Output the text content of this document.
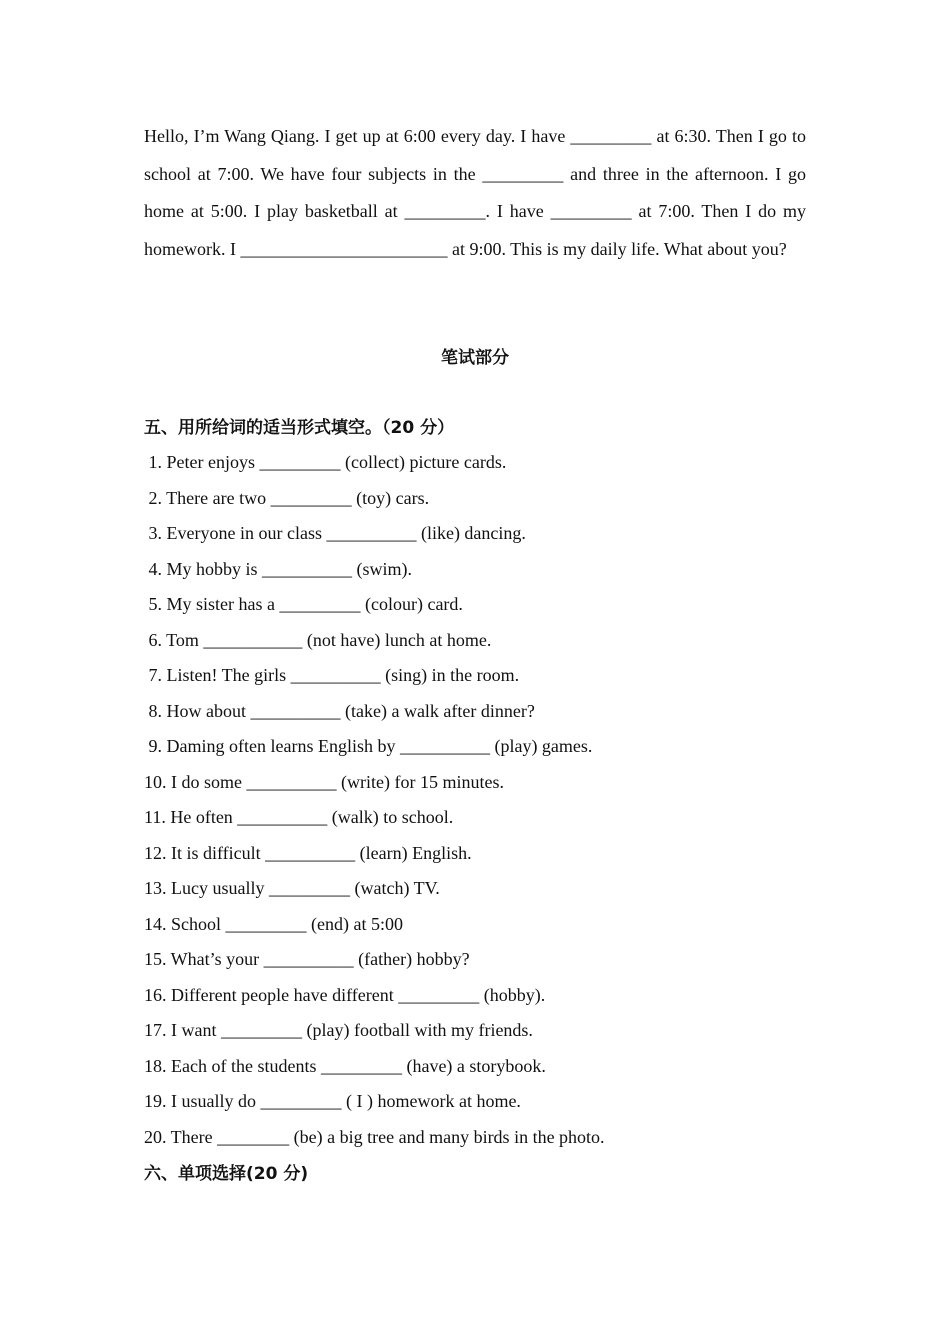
Hello, I’m Wang Qiang. I get up at 6:00 every day. I have _________ at 6:30. Then I go to school at 7:00. We have four subjects in the _________ and three in the afternoon. I go home at 5:00. I play basketball at _________. I have _________ at 7:00. Then I do my homework. I _______________________ at 9:00. This is my daily life. What about you?

笔试部分
五、用所给词的适当形式填空。（20 分）
1. Peter enjoys _________ (collect) picture cards.
2. There are two _________ (toy) cars.
3. Everyone in our class __________ (like) dancing.
4. My hobby is __________ (swim).
5. My sister has a _________ (colour) card.
6. Tom ___________ (not have) lunch at home.
7. Listen! The girls __________ (sing) in the room.
8. How about __________ (take) a walk after dinner?
9. Daming often learns English by __________ (play) games.
10. I do some __________ (write) for 15 minutes.
11. He often __________ (walk) to school.
12. It is difficult __________ (learn) English.
13. Lucy usually _________ (watch) TV.
14. School _________ (end) at 5:00
15. What’s your __________ (father) hobby?
16. Different people have different _________ (hobby).
17. I want _________ (play) football with my friends.
18. Each of the students _________ (have) a storybook.
19. I usually do _________ ( I ) homework at home.
20. There ________ (be) a big tree and many birds in the photo.
六、单项选择(20 分)
